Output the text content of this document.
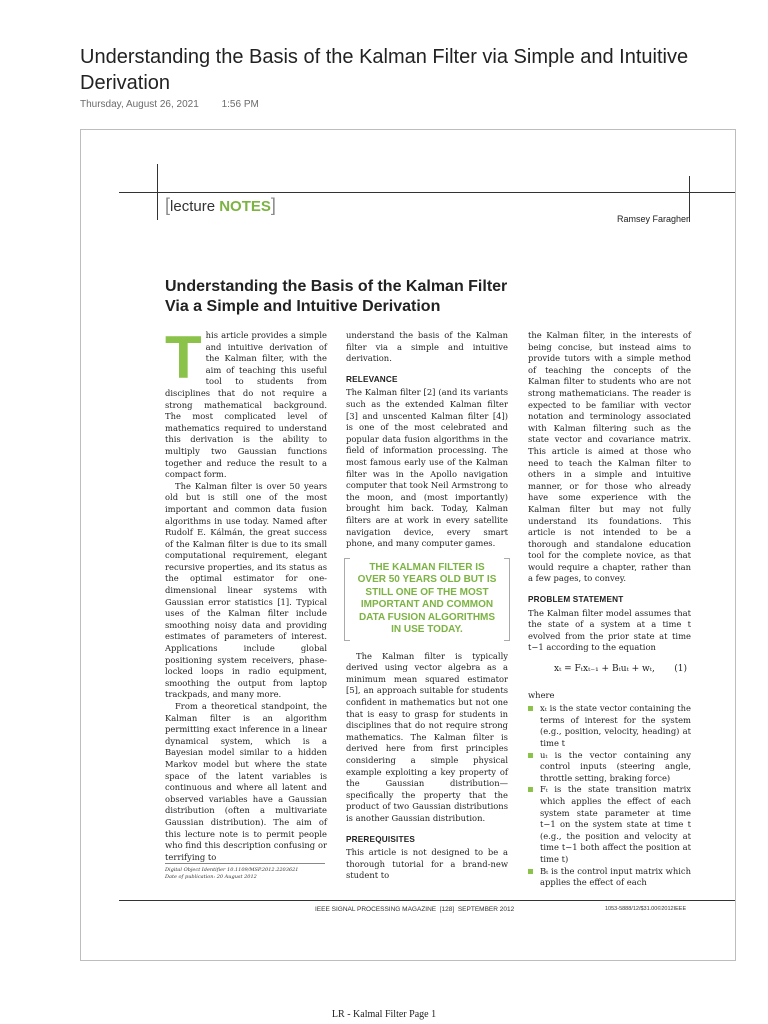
Understanding the Basis of the Kalman Filter via Simple and Intuitive Derivation
Thursday, August 26, 2021 1:56 PM
[lecture NOTES]
Ramsey Faragher
Understanding the Basis of the Kalman Filter Via a Simple and Intuitive Derivation

This article provides a simple and intuitive derivation of the Kalman filter, with the aim of teaching this useful tool to students from disciplines that do not require a strong mathematical background. The most complicated level of mathematics required to understand this derivation is the ability to multiply two Gaussian functions together and reduce the result to a compact form.

The Kalman filter is over 50 years old but is still one of the most important and common data fusion algorithms in use today. Named after Rudolf E. Kálmán, the great success of the Kalman filter is due to its small computational requirement, elegant recursive properties, and its status as the optimal estimator for one-dimensional linear systems with Gaussian error statistics [1]. Typical uses of the Kalman filter include smoothing noisy data and providing estimates of parameters of interest. Applications include global positioning system receivers, phase-locked loops in radio equipment, smoothing the output from laptop trackpads, and many more.

From a theoretical standpoint, the Kalman filter is an algorithm permitting exact inference in a linear dynamical system, which is a Bayesian model similar to a hidden Markov model but where the state space of the latent variables is continuous and where all latent and observed variables have a Gaussian distribution (often a multivariate Gaussian distribution). The aim of this lecture note is to permit people who find this description confusing or terrifying to

understand the basis of the Kalman filter via a simple and intuitive derivation.

RELEVANCE

The Kalman filter [2] (and its variants such as the extended Kalman filter [3] and unscented Kalman filter [4]) is one of the most celebrated and popular data fusion algorithms in the field of information processing. The most famous early use of the Kalman filter was in the Apollo navigation computer that took Neil Armstrong to the moon, and (most importantly) brought him back. Today, Kalman filters are at work in every satellite navigation device, every smart phone, and many computer games.

THE KALMAN FILTER IS OVER 50 YEARS OLD BUT IS STILL ONE OF THE MOST IMPORTANT AND COMMON DATA FUSION ALGORITHMS IN USE TODAY.

The Kalman filter is typically derived using vector algebra as a minimum mean squared estimator [5], an approach suitable for students confident in mathematics but not one that is easy to grasp for students in disciplines that do not require strong mathematics. The Kalman filter is derived here from first principles considering a simple physical example exploiting a key property of the Gaussian distribution—specifically the property that the product of two Gaussian distributions is another Gaussian distribution.

PREREQUISITES

This article is not designed to be a thorough tutorial for a brand-new student to

the Kalman filter, in the interests of being concise, but instead aims to provide tutors with a simple method of teaching the concepts of the Kalman filter to students who are not strong mathematicians. The reader is expected to be familiar with vector notation and terminology associated with Kalman filtering such as the state vector and covariance matrix. This article is aimed at those who need to teach the Kalman filter to others in a simple and intuitive manner, or for those who already have some experience with the Kalman filter but may not fully understand its foundations. This article is not intended to be a thorough and standalone education tool for the complete novice, as that would require a chapter, rather than a few pages, to convey.

PROBLEM STATEMENT

The Kalman filter model assumes that the state of a system at a time t evolved from the prior state at time t−1 according to the equation

xₜ = Fₜxₜ₋₁ + Bₜuₜ + wₜ, (1)
where
xₜ is the state vector containing the terms of interest for the system (e.g., position, velocity, heading) at time t
uₜ is the vector containing any control inputs (steering angle, throttle setting, braking force)
Fₜ is the state transition matrix which applies the effect of each system state parameter at time t−1 on the system state at time t (e.g., the position and velocity at time t−1 both affect the position at time t)
Bₜ is the control input matrix which applies the effect of each
Digital Object Identifier 10.1109/MSP.2012.2203621
Date of publication: 20 August 2012
IEEE SIGNAL PROCESSING MAGAZINE [128] SEPTEMBER 2012	1053-5888/12/$31.00©2012IEEE
LR - Kalmal Filter Page 1
